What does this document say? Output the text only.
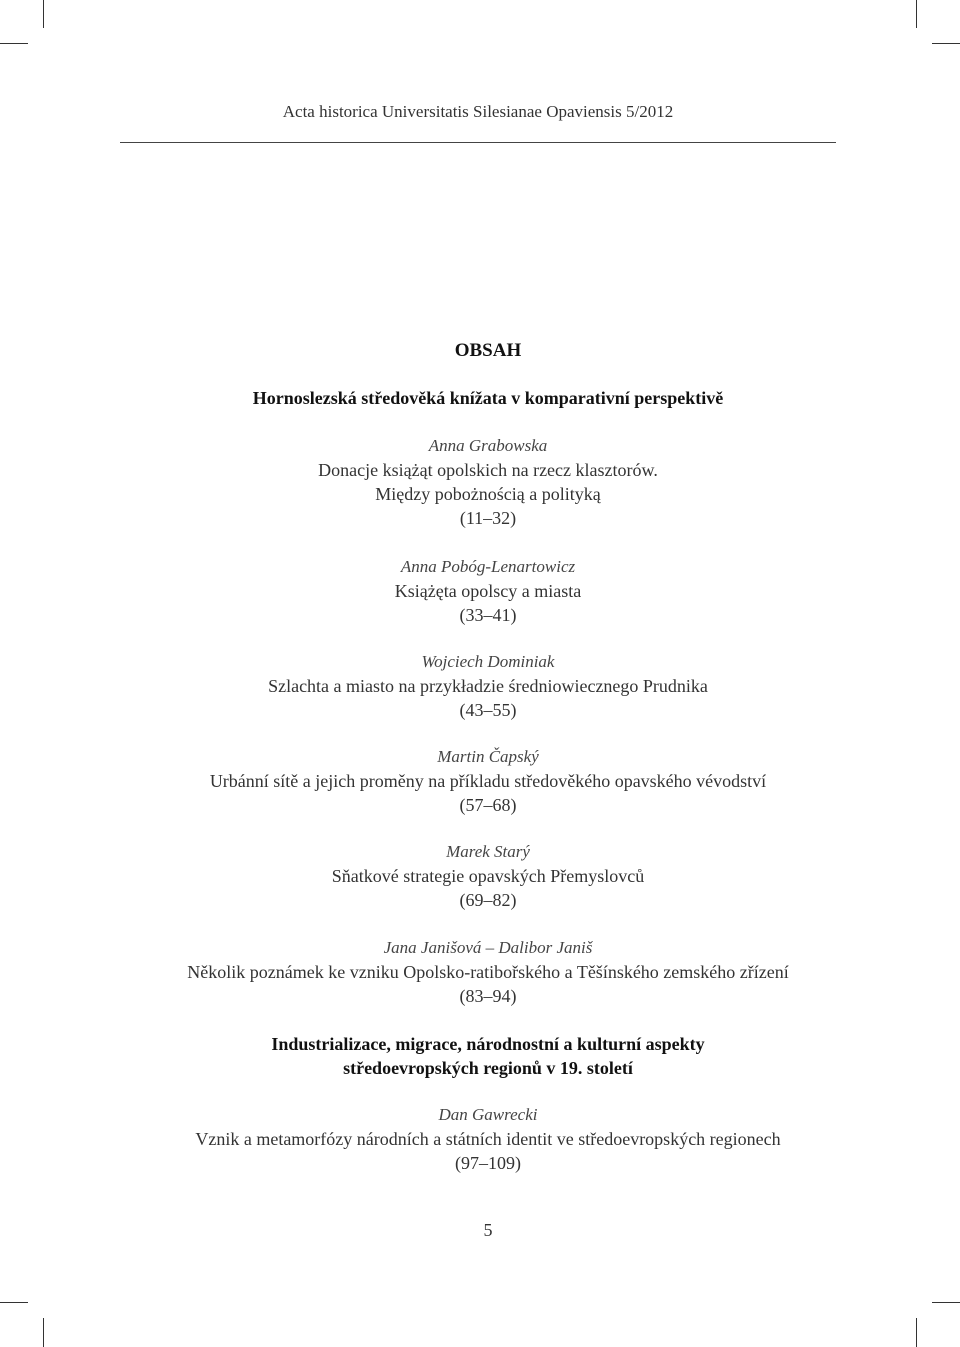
Acta historica Universitatis Silesianae Opaviensis 5/2012
OBSAH
Hornoslezská středověká knížata v komparativní perspektivě
Anna Grabowska
Donacje książąt opolskich na rzecz klasztorów.
Między pobożnością a polityką
(11–32)
Anna Pobóg-Lenartowicz
Książęta opolscy a miasta
(33–41)
Wojciech Dominiak
Szlachta a miasto na przykładzie średniowiecznego Prudnika
(43–55)
Martin Čapský
Urbánní sítě a jejich proměny na příkladu středověkého opavského vévodství
(57–68)
Marek Starý
Sňatkové strategie opavských Přemyslovců
(69–82)
Jana Janišová – Dalibor Janiš
Několik poznámek ke vzniku Opolsko-ratibořského a Těšínského zemského zřízení
(83–94)
Industrializace, migrace, národnostní a kulturní aspekty
středoevropských regionů v 19. století
Dan Gawrecki
Vznik a metamorfózy národních a státních identit ve středoevropských regionech
(97–109)
5
